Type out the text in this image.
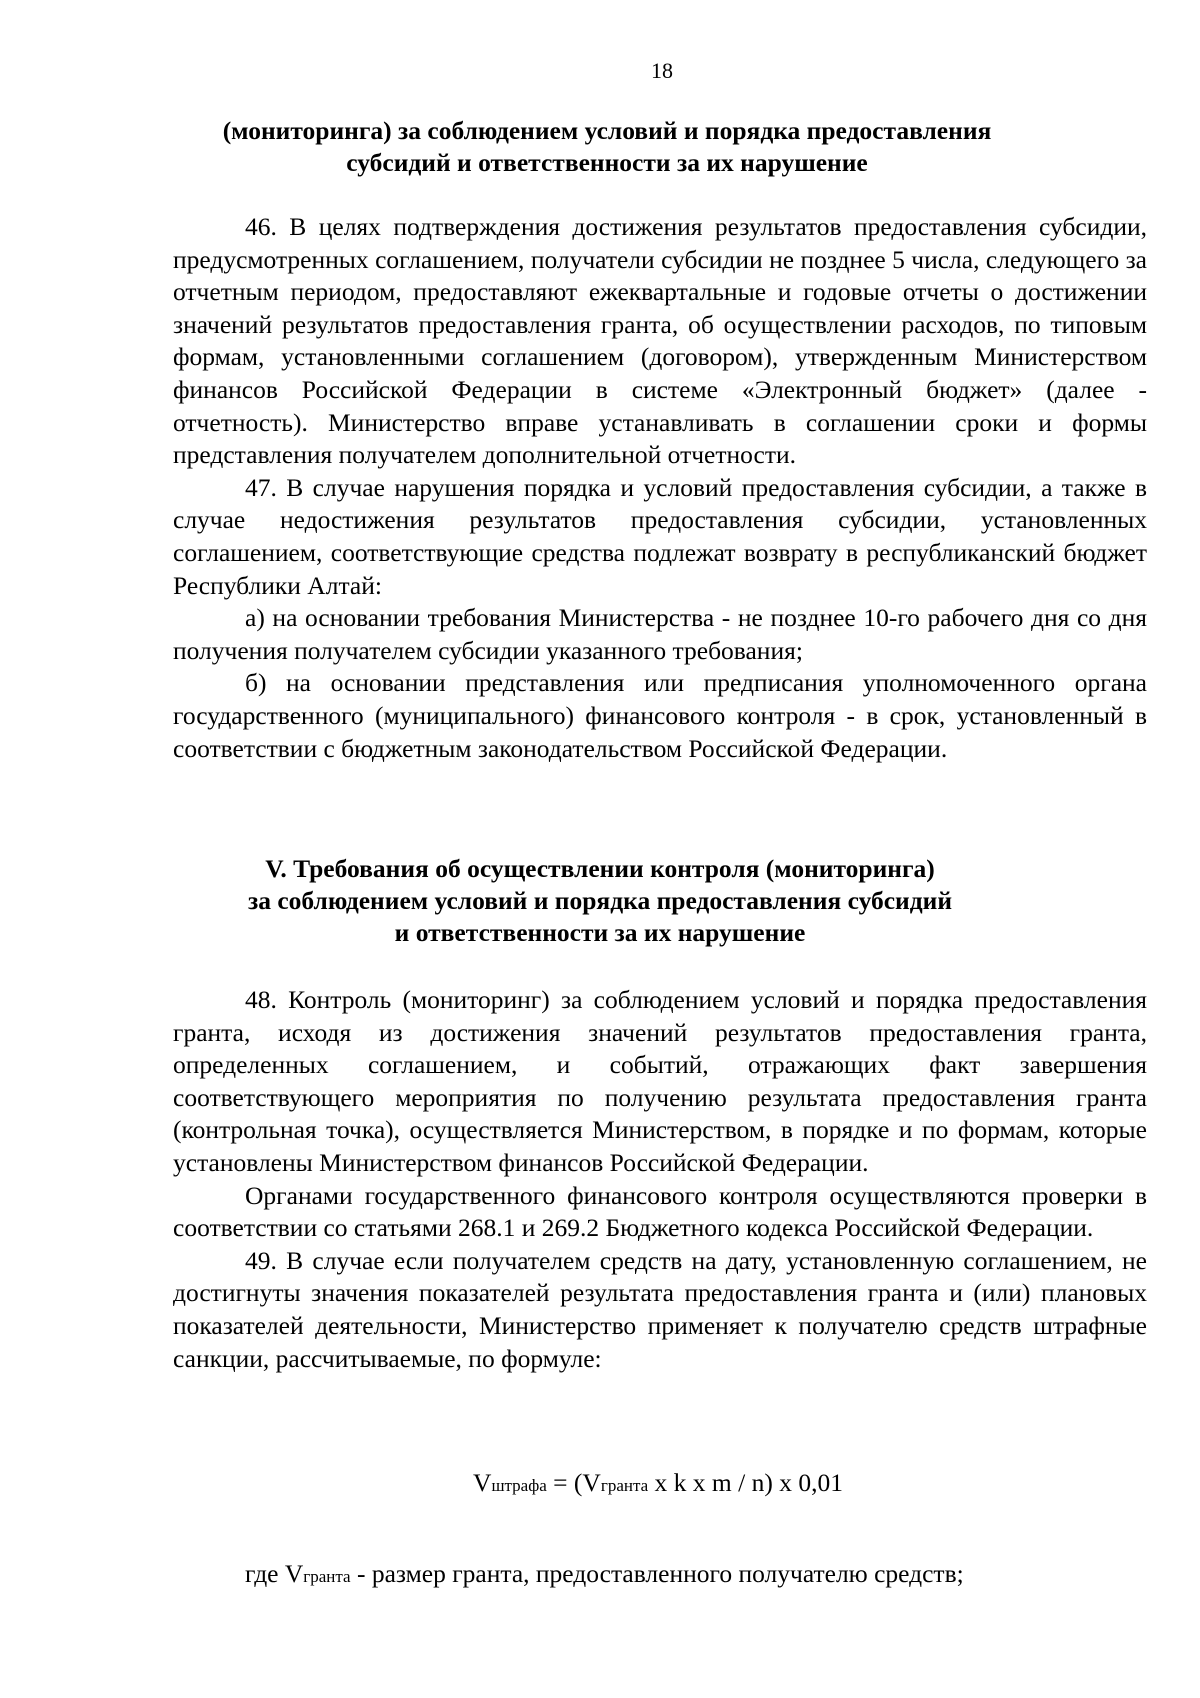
18
(мониторинга) за соблюдением условий и порядка предоставления
субсидий и ответственности за их нарушение

46. В целях подтверждения достижения результатов предоставления субсидии, предусмотренных соглашением, получатели субсидии не позднее 5 числа, следующего за отчетным периодом, предоставляют ежеквартальные и годовые отчеты о достижении значений результатов предоставления гранта, об осуществлении расходов, по типовым формам, установленными соглашением (договором), утвержденным Министерством финансов Российской Федерации в системе «Электронный бюджет» (далее - отчетность). Министерство вправе устанавливать в соглашении сроки и формы представления получателем дополнительной отчетности.

47. В случае нарушения порядка и условий предоставления субсидии, а также в случае недостижения результатов предоставления субсидии, установленных соглашением, соответствующие средства подлежат возврату в республиканский бюджет Республики Алтай:

а) на основании требования Министерства - не позднее 10-го рабочего дня со дня получения получателем субсидии указанного требования;

б) на основании представления или предписания уполномоченного органа государственного (муниципального) финансового контроля - в срок, установленный в соответствии с бюджетным законодательством Российской Федерации.

V. Требования об осуществлении контроля (мониторинга)
за соблюдением условий и порядка предоставления субсидий
и ответственности за их нарушение

48. Контроль (мониторинг) за соблюдением условий и порядка предоставления гранта, исходя из достижения значений результатов предоставления гранта, определенных соглашением, и событий, отражающих факт завершения соответствующего мероприятия по получению результата предоставления гранта (контрольная точка), осуществляется Министерством, в порядке и по формам, которые установлены Министерством финансов Российской Федерации.

Органами государственного финансового контроля осуществляются проверки в соответствии со статьями 268.1 и 269.2 Бюджетного кодекса Российской Федерации.

49. В случае если получателем средств на дату, установленную соглашением, не достигнуты значения показателей результата предоставления гранта и (или) плановых показателей деятельности, Министерство применяет к получателю средств штрафные санкции, рассчитываемые, по формуле:

Vштрафа = (Vгранта х k х m / n) х 0,01
где Vгранта - размер гранта, предоставленного получателю средств;
